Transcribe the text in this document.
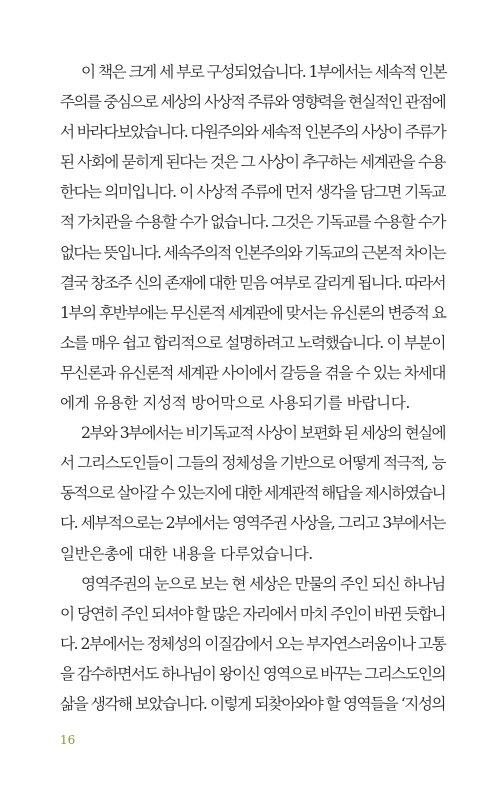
이 책은 크게 세 부로 구성되었습니다. 1부에서는 세속적 인본
주의를 중심으로 세상의 사상적 주류와 영향력을 현실적인 관점에
서 바라다보았습니다. 다원주의와 세속적 인본주의 사상이 주류가
된 사회에 묻히게 된다는 것은 그 사상이 추구하는 세계관을 수용
한다는 의미입니다. 이 사상적 주류에 먼저 생각을 담그면 기독교
적 가치관을 수용할 수가 없습니다. 그것은 기독교를 수용할 수가
없다는 뜻입니다. 세속주의적 인본주의와 기독교의 근본적 차이는
결국 창조주 신의 존재에 대한 믿음 여부로 갈리게 됩니다. 따라서
1부의 후반부에는 무신론적 세계관에 맞서는 유신론의 변증적 요
소를 매우 쉽고 합리적으로 설명하려고 노력했습니다. 이 부분이
무신론과 유신론적 세계관 사이에서 갈등을 겪을 수 있는 차세대
에게 유용한 지성적 방어막으로 사용되기를 바랍니다.
2부와 3부에서는 비기독교적 사상이 보편화 된 세상의 현실에
서 그리스도인들이 그들의 정체성을 기반으로 어떻게 적극적, 능
동적으로 살아갈 수 있는지에 대한 세계관적 해답을 제시하였습니
다. 세부적으로는 2부에서는 영역주권 사상을, 그리고 3부에서는
일반은총에 대한 내용을 다루었습니다.
영역주권의 눈으로 보는 현 세상은 만물의 주인 되신 하나님
이 당연히 주인 되셔야 할 많은 자리에서 마치 주인이 바뀐 듯합니
다. 2부에서는 정체성의 이질감에서 오는 부자연스러움이나 고통
을 감수하면서도 하나님이 왕이신 영역으로 바꾸는 그리스도인의
삶을 생각해 보았습니다. 이렇게 되찾아와야 할 영역들을 ‘지성의
16
